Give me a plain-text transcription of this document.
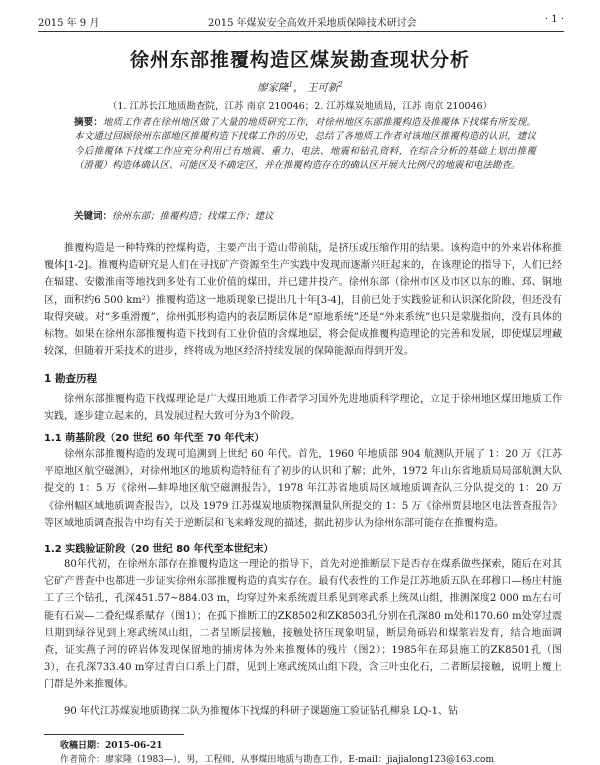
2015 年 9 月	2015 年煤炭安全高效开采地质保障技术研讨会	· 1 ·
徐州东部推覆构造区煤炭勘查现状分析
廖家隆$^1$， 王可新$^2$
（1. 江苏长江地质勘查院，江苏 南京 210046；2. 江苏煤炭地质局，江苏 南京 210046）
摘要：地质工作者在徐州地区做了大量的地质研究工作，对徐州地区东部推覆构造及推覆体下找煤有所发现。本文通过回顾徐州东部地区推覆构造下找煤工作的历史，总结了各地质工作者对该地区推覆构造的认识，建议今后推覆体下找煤工作应充分利用已有地震、重力、电法、地震和钻孔资料，在综合分析的基础上划出推覆（滑覆）构造体确认区、可能区及不确定区，并在推覆构造存在的确认区开展大比例尺的地震和电法勘查。
关键词：徐州东部；推覆构造；找煤工作；建议

推覆构造是一种特殊的控煤构造，主要产出于造山带前陆，是挤压或压缩作用的结果。该构造中的外来岩体称推覆体[1-2]。推覆构造研究是人们在寻找矿产资源至生产实践中发现而逐渐兴旺起来的，在该理论的指导下，人们已经在辐建、安徽淮南等地找到多处有工业价值的煤田，并已建井投产。徐州东部（徐州市区及市区以东的睢、邳、铜地区，面积约6 500 km²）推覆构造这一地质现象已提出几十年[3-4]，目前已处于实践验证和认识深化阶段，但还没有取得突破。对“多重滑覆”，徐州弧形构造内的表层断层体是“原地系统”还是“外来系统”也只是蒙胧指向，没有具体的标物。如果在徐州东部推覆构造下找到有工业价值的含煤地层，将会促成推覆构造理论的完善和发展，即使煤层埋藏较深，但随着开采技术的进步，终将成为地区经济持续发展的保障能源而得到开发。

1 勘查历程

徐州东部推覆构造下找煤理论是广大煤田地质工作者学习国外先进地质科学理论，立足于徐州地区煤田地质工作实践，逐步建立起来的，具发展过程大致可分为3个阶段。

1.1 萌基阶段（20 世纪 60 年代至 70 年代末）

徐州东部推覆构造的发现可追溯到上世纪 60 年代。首先，1960 年地质部 904 航测队开展了 1：20 万《江苏平原地区航空磁测》，对徐州地区的地质构造特征有了初步的认识和了解；此外，1972 年山东省地质局局部航测大队提交的 1：5 万《徐州—蚌埠地区航空磁测报告》，1978 年江苏省地质局区域地质调查队三分队提交的 1：20 万《徐州幅区域地质调查报告》，以及 1979 江苏煤炭地质物探测量队所提交的 1：5 万《徐州贾县地区电法普查报告》等区域地质调查报告中均有关于逆断层和飞来峰发现的描述，据此初步认为徐州东部可能存在推覆构造。

1.2 实践验证阶段（20 世纪 80 年代至本世纪末）

80年代初，在徐州东部存在推覆构造这一理论的指导下，首先对逆推断层下是否存在煤系做些探索，随后在对其它矿产普查中也都进一步证实徐州东部推覆构造的真实存在。最有代表性的工作是江苏地质五队在邳穆口—杨庄村施工了三个钻孔，孔深451.57~884.03 m，均穿过外来系统震旦系见到寒武系上统凤山组，推测深度2 000 m左右可能有石炭—二叠纪煤系赋存（图1）；在孤下推断工的ZK8502和ZK8503孔分别在孔深80 m处和170.60 m处穿过震旦期到绿谷见到上寒武统凤山组，二者呈断层接触，接触处挤压现象明显，断层角砾岩和煤浆岩发育，结合地面调查，证实燕子河的碎岩体发现保留地的捕虏体为外来推覆体的残片（图2）；1985年在邳县施工的ZK8501孔（图3），在孔深733.40 m穿过青白口系上门群，见到上寒武统凤山组下段，含三叶虫化石，二者断层接触，说明上覆上门群是外来推覆体。

90 年代江苏煤炭地质勘探二队为推覆体下找煤的科研子课题施工验证钻孔柳泉 LQ-1、钻

收稿日期：2015-06-21
作者简介：廖家隆（1983—），男，工程师，从事煤田地质与勘查工作，E-mail：jiajialong123@163.com
